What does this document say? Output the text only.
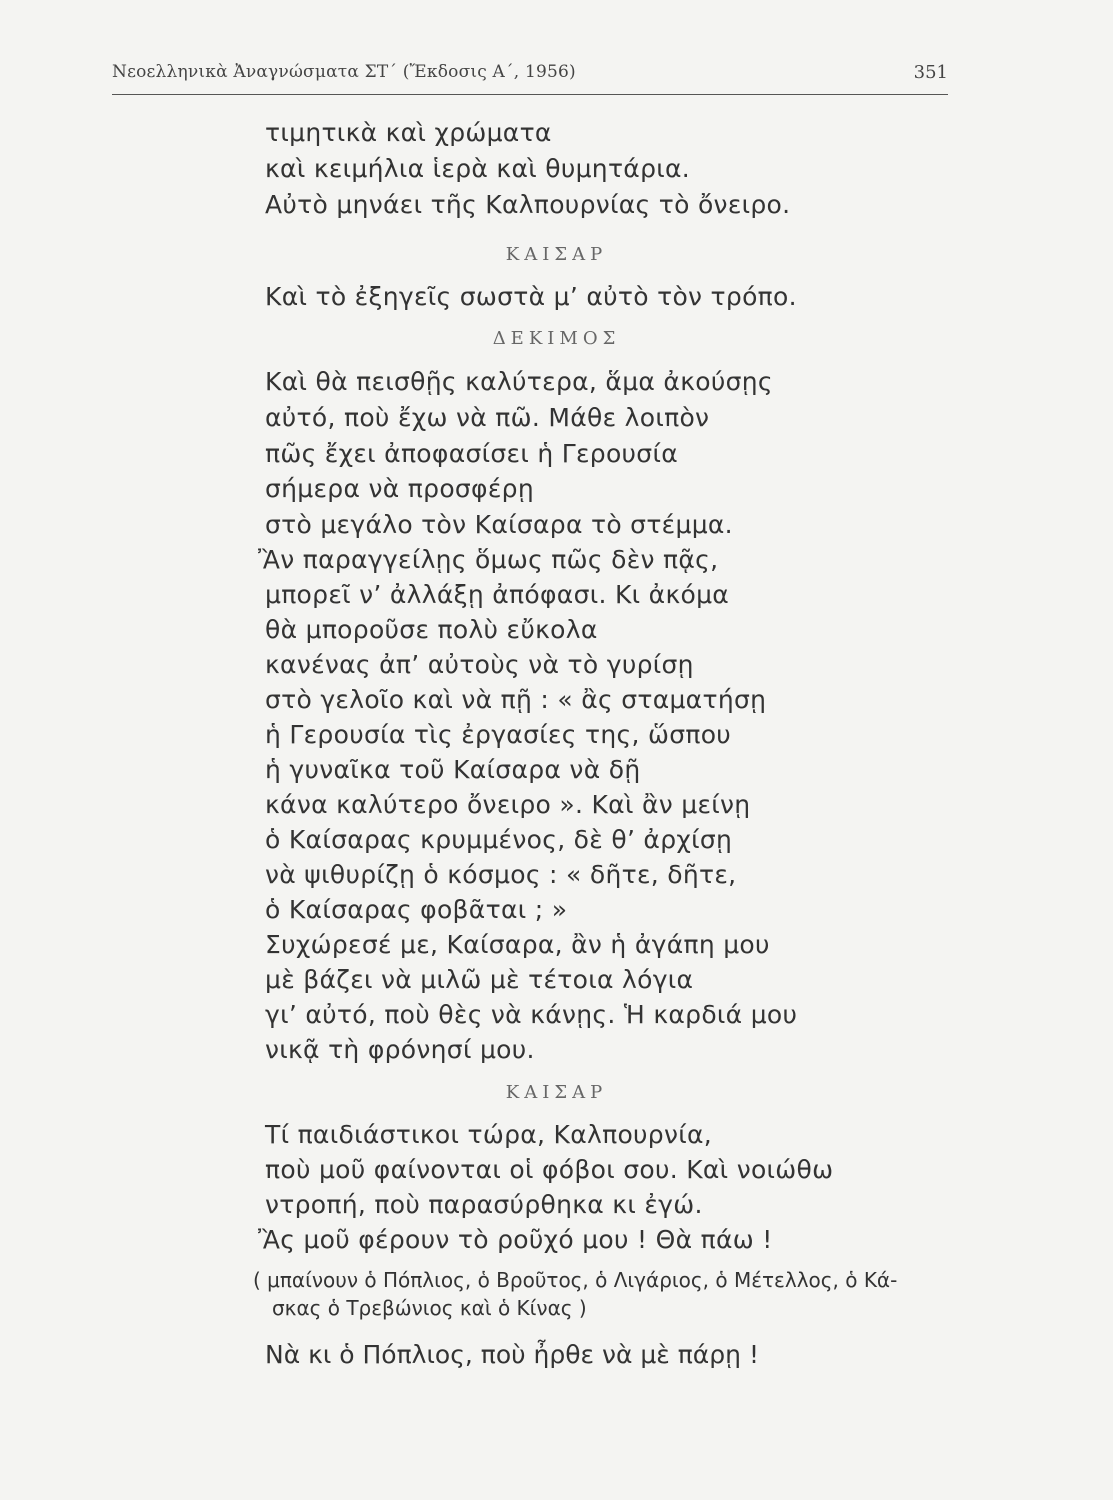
Νεοελληνικὰ Ἀναγνώσματα ΣΤ΄ (Ἔκδοσις Α΄, 1956)	351
τιμητικὰ καὶ χρώματα
καὶ κειμήλια ἱερὰ καὶ θυμητάρια.
Αὐτὸ μηνάει τῆς Καλπουρνίας τὸ ὄνειρο.
ΚΑΙΣΑΡ
Καὶ τὸ ἐξηγεῖς σωστὰ μ’ αὐτὸ τὸν τρόπο.
ΔΕΚΙΜΟΣ
Καὶ θὰ πεισθῇς καλύτερα, ἅμα ἀκούσῃς
αὐτό, ποὺ ἔχω νὰ πῶ. Μάθε λοιπὸν
πῶς ἔχει ἀποφασίσει ἡ Γερουσία
σήμερα νὰ προσφέρῃ
στὸ μεγάλο τὸν Καίσαρα τὸ στέμμα.
Ἂν παραγγείλῃς ὅμως πῶς δὲν πᾷς,
μπορεῖ ν’ ἀλλάξῃ ἀπόφασι. Κι ἀκόμα
θὰ μποροῦσε πολὺ εὔκολα
κανένας ἀπ’ αὐτοὺς νὰ τὸ γυρίσῃ
στὸ γελοῖο καὶ νὰ πῇ : « ἂς σταματήσῃ
ἡ Γερουσία τὶς ἐργασίες της, ὥσπου
ἡ γυναῖκα τοῦ Καίσαρα νὰ δῇ
κάνα καλύτερο ὄνειρο ». Καὶ ἂν μείνῃ
ὁ Καίσαρας κρυμμένος, δὲ θ’ ἀρχίσῃ
νὰ ψιθυρίζῃ ὁ κόσμος : « δῆτε, δῆτε,
ὁ Καίσαρας φοβᾶται ; »
Συχώρεσέ με, Καίσαρα, ἂν ἡ ἀγάπη μου
μὲ βάζει νὰ μιλῶ μὲ τέτοια λόγια
γι’ αὐτό, ποὺ θὲς νὰ κάνῃς. Ἡ καρδιά μου
νικᾷ τὴ φρόνησί μου.
ΚΑΙΣΑΡ
Τί παιδιάστικοι τώρα, Καλπουρνία,
ποὺ μοῦ φαίνονται οἱ φόβοι σου. Καὶ νοιώθω
ντροπή, ποὺ παρασύρθηκα κι ἐγώ.
Ἂς μοῦ φέρουν τὸ ροῦχό μου ! Θὰ πάω !
( μπαίνουν ὁ Πόπλιος, ὁ Βροῦτος, ὁ Λιγάριος, ὁ Μέτελλος, ὁ Κά-
σκας ὁ Τρεβώνιος καὶ ὁ Κίνας )
Νὰ κι ὁ Πόπλιος, ποὺ ἦρθε νὰ μὲ πάρῃ !
